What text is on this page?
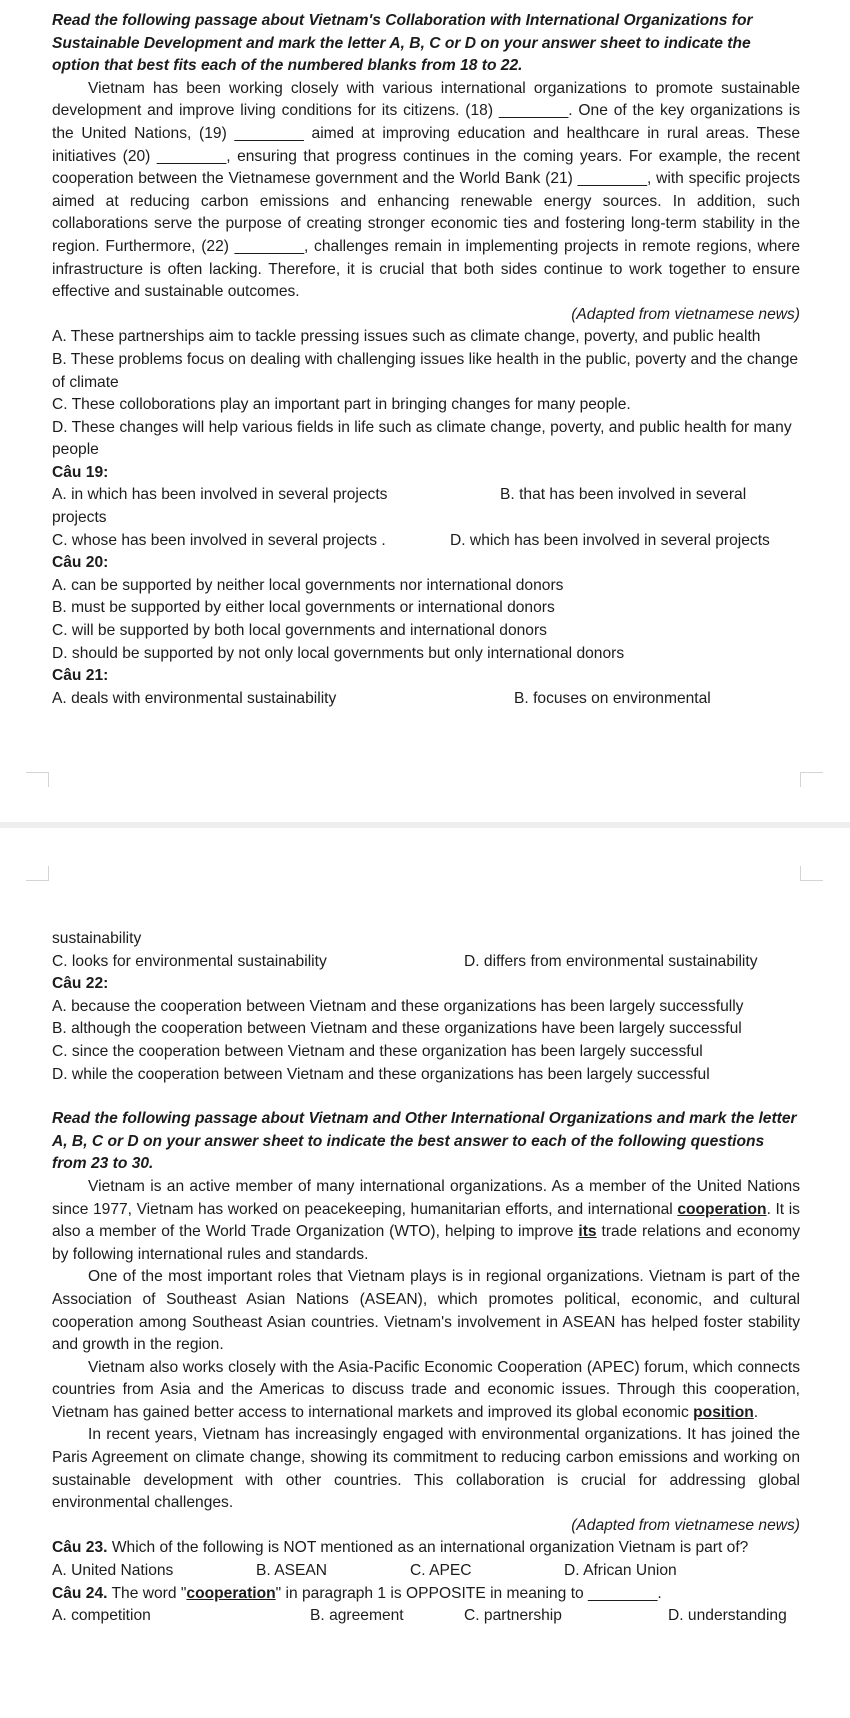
Read the following passage about Vietnam's Collaboration with International Organizations for Sustainable Development and mark the letter A, B, C or D on your answer sheet to indicate the option that best fits each of the numbered blanks from 18 to 22.

Vietnam has been working closely with various international organizations to promote sustainable development and improve living conditions for its citizens. (18) ________. One of the key organizations is the United Nations, (19) ________ aimed at improving education and healthcare in rural areas. These initiatives (20) ________, ensuring that progress continues in the coming years. For example, the recent cooperation between the Vietnamese government and the World Bank (21) ________, with specific projects aimed at reducing carbon emissions and enhancing renewable energy sources. In addition, such collaborations serve the purpose of creating stronger economic ties and fostering long-term stability in the region. Furthermore, (22) ________, challenges remain in implementing projects in remote regions, where infrastructure is often lacking. Therefore, it is crucial that both sides continue to work together to ensure effective and sustainable outcomes.

(Adapted from vietnamese news)

A. These partnerships aim to tackle pressing issues such as climate change, poverty, and public health

B. These problems focus on dealing with challenging issues like health in the public, poverty and the change of climate

C. These colloborations play an important part in bringing changes for many people.

D. These changes will help various fields in life such as climate change, poverty, and public health for many people

Câu 19:

A. in which has been involved in several projects	B. that has been involved in several

projects

C. whose has been involved in several projects .	D. which has been involved in several projects

Câu 20:

A. can be supported by neither local governments nor international donors

B. must be supported by either local governments or international donors

C. will be supported by both local governments and international donors

D. should be supported by not only local governments but only international donors

Câu 21:

A. deals with environmental sustainability	B. focuses on environmental

sustainability

C. looks for environmental sustainability	D. differs from environmental sustainability

Câu 22:

A. because the cooperation between Vietnam and these organizations has been largely successfully

B. although the cooperation between Vietnam and these organizations have been largely successful

C. since the cooperation between Vietnam and these organization has been largely successful

D. while the cooperation between Vietnam and these organizations has been largely successful

Read the following passage about Vietnam and Other International Organizations and mark the letter A, B, C or D on your answer sheet to indicate the best answer to each of the following questions from 23 to 30.

Vietnam is an active member of many international organizations. As a member of the United Nations since 1977, Vietnam has worked on peacekeeping, humanitarian efforts, and international cooperation. It is also a member of the World Trade Organization (WTO), helping to improve its trade relations and economy by following international rules and standards.

One of the most important roles that Vietnam plays is in regional organizations. Vietnam is part of the Association of Southeast Asian Nations (ASEAN), which promotes political, economic, and cultural cooperation among Southeast Asian countries. Vietnam's involvement in ASEAN has helped foster stability and growth in the region.

Vietnam also works closely with the Asia-Pacific Economic Cooperation (APEC) forum, which connects countries from Asia and the Americas to discuss trade and economic issues. Through this cooperation, Vietnam has gained better access to international markets and improved its global economic position.

In recent years, Vietnam has increasingly engaged with environmental organizations. It has joined the Paris Agreement on climate change, showing its commitment to reducing carbon emissions and working on sustainable development with other countries. This collaboration is crucial for addressing global environmental challenges.

(Adapted from vietnamese news)

Câu 23. Which of the following is NOT mentioned as an international organization Vietnam is part of?

A. United Nations	B. ASEAN	C. APEC	D. African Union

Câu 24. The word "cooperation" in paragraph 1 is OPPOSITE in meaning to ________.

A. competition	B. agreement	C. partnership	D. understanding
